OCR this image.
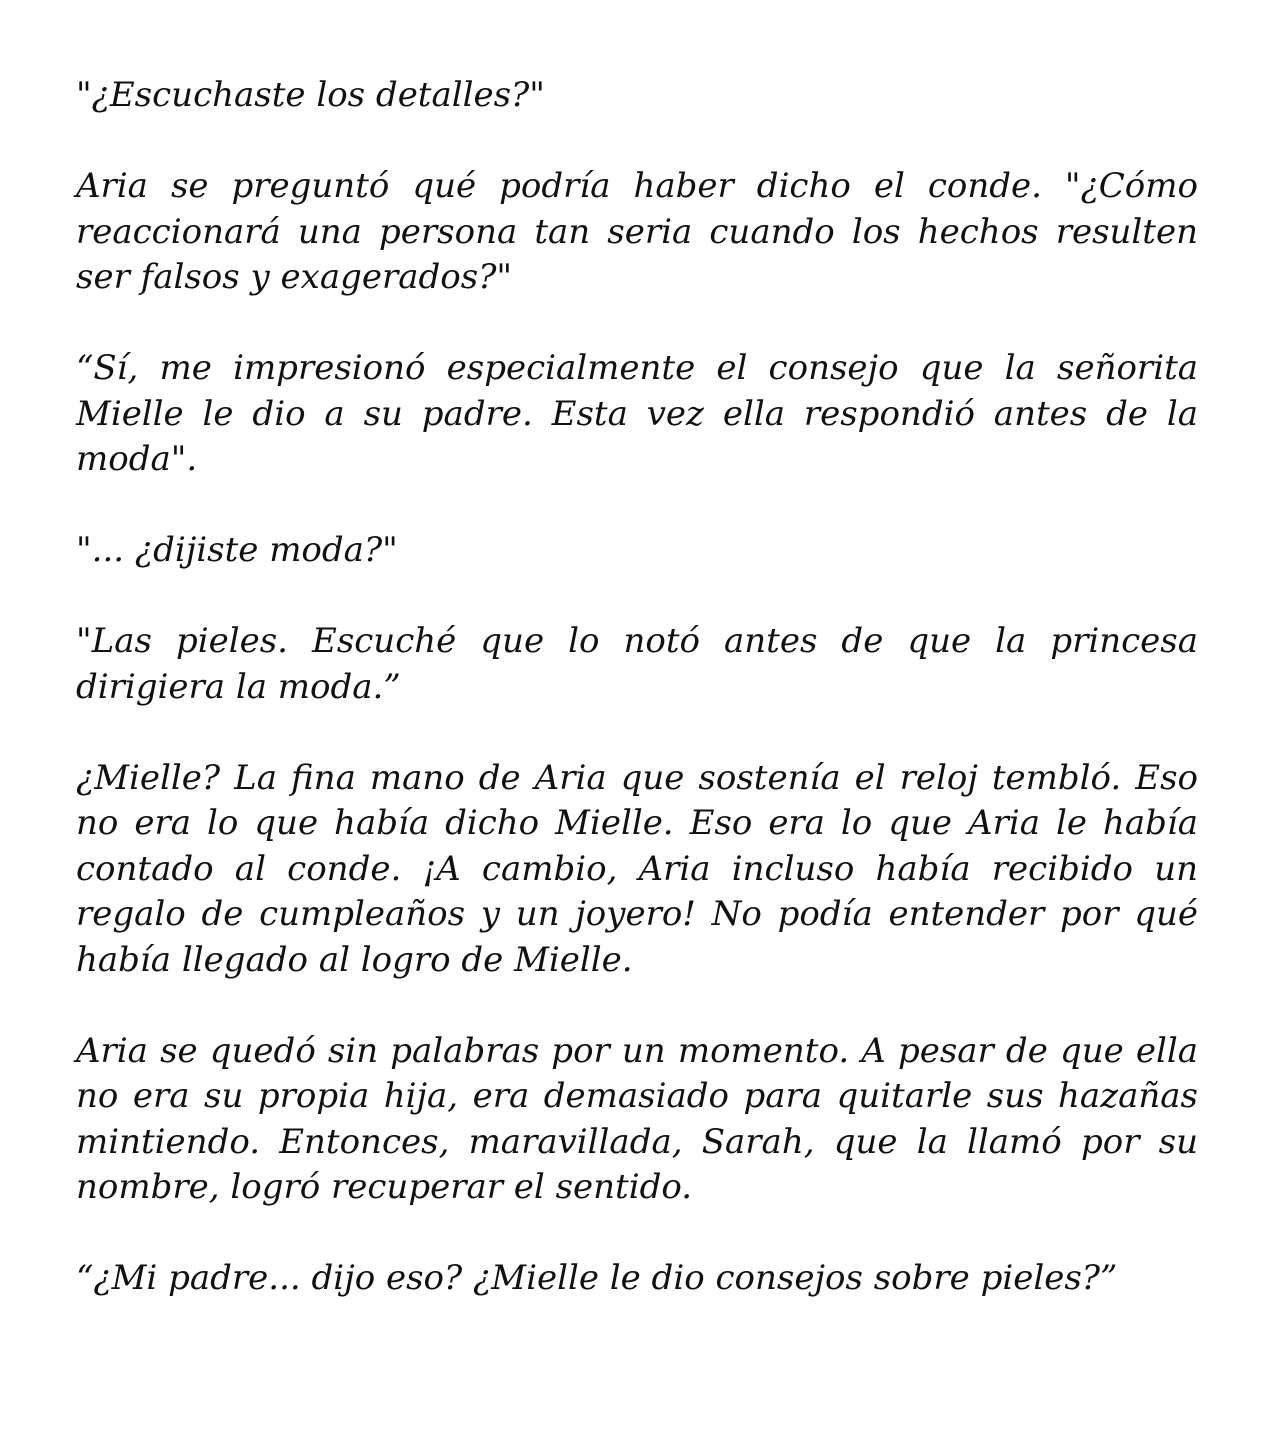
"¿Escuchaste los detalles?"

Aria se preguntó qué podría haber dicho el conde. "¿Cómo reaccionará una persona tan seria cuando los hechos resulten ser falsos y exagerados?"

“Sí, me impresionó especialmente el consejo que la señorita Mielle le dio a su padre. Esta vez ella respondió antes de la moda".

"... ¿dijiste moda?"

"Las pieles. Escuché que lo notó antes de que la princesa dirigiera la moda.”

¿Mielle? La fina mano de Aria que sostenía el reloj tembló. Eso no era lo que había dicho Mielle. Eso era lo que Aria le había contado al conde. ¡A cambio, Aria incluso había recibido un regalo de cumpleaños y un joyero! No podía entender por qué había llegado al logro de Mielle.

Aria se quedó sin palabras por un momento. A pesar de que ella no era su propia hija, era demasiado para quitarle sus hazañas mintiendo. Entonces, maravillada, Sarah, que la llamó por su nombre, logró recuperar el sentido.

“¿Mi padre... dijo eso? ¿Mielle le dio consejos sobre pieles?”
